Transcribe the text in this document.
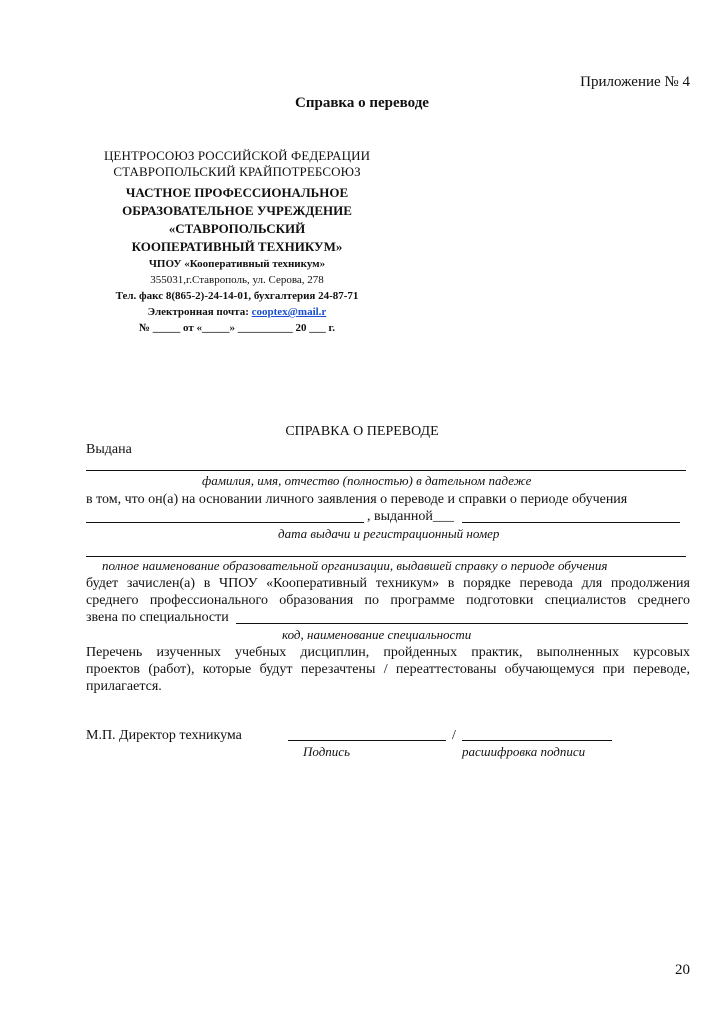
Приложение № 4
Справка о переводе
ЦЕНТРОСОЮЗ РОССИЙСКОЙ ФЕДЕРАЦИИ
СТАВРОПОЛЬСКИЙ КРАЙПОТРЕБСОЮЗ
ЧАСТНОЕ ПРОФЕССИОНАЛЬНОЕ
ОБРАЗОВАТЕЛЬНОЕ УЧРЕЖДЕНИЕ
«СТАВРОПОЛЬСКИЙ
КООПЕРАТИВНЫЙ ТЕХНИКУМ»
ЧПОУ «Кооперативный техникум»
355031,г.Ставрополь, ул. Серова, 278
Тел. факс 8(865-2)-24-14-01, бухгалтерия 24-87-71
Электронная почта: cooptex@mail.r
№ _____ от «_____» __________ 20 ___ г.
СПРАВКА О ПЕРЕВОДЕ
Выдана
фамилия, имя, отчество (полностью) в дательном падеже
в том, что он(а) на основании личного заявления о переводе и справки о периоде обучения
, выданной___
дата выдачи и регистрационный номер
полное наименование образовательной организации, выдавшей справку о периоде обучения
будет зачислен(а) в ЧПОУ «Кооперативный техникум» в порядке перевода для продолжения
среднего профессионального образования по программе подготовки специалистов среднего
звена по специальности
код, наименование специальности
Перечень изученных учебных дисциплин, пройденных практик, выполненных курсовых
проектов (работ), которые будут перезачтены / переаттестованы обучающемуся при переводе,
прилагается.
М.П. Директор техникума	/
Подпись	расшифровка подписи
20
